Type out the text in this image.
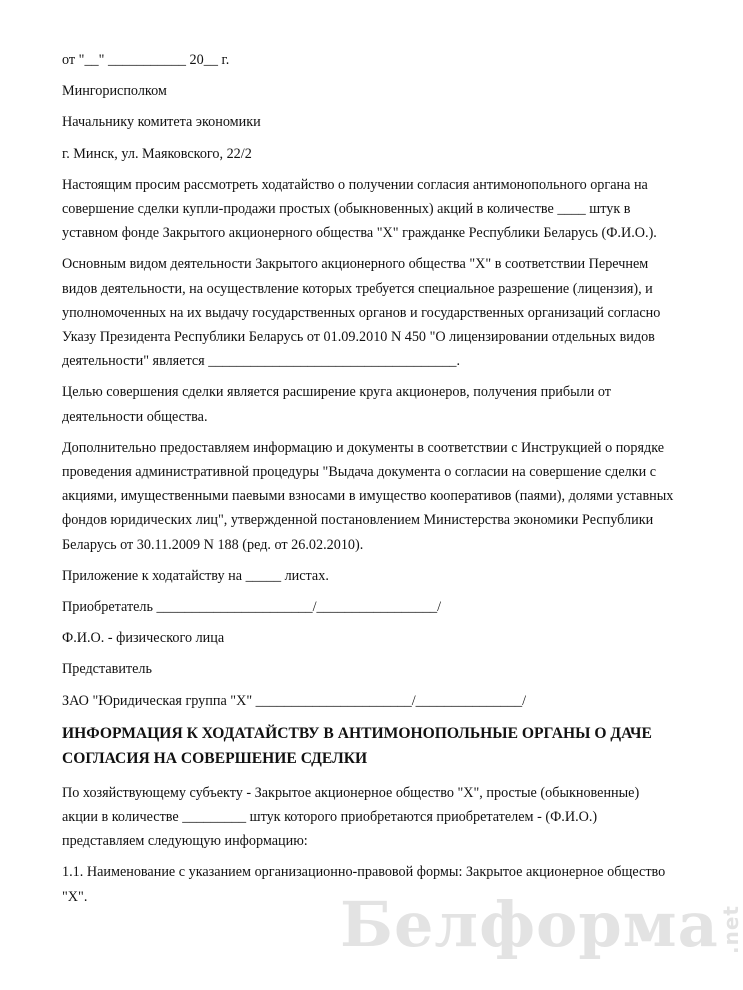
от "__" ___________ 20__ г.

Мингорисполком

Начальнику комитета экономики

г. Минск, ул. Маяковского, 22/2

Настоящим просим рассмотреть ходатайство о получении согласия антимонопольного органа на

совершение сделки купли-продажи простых (обыкновенных) акций в количестве ____ штук в

уставном фонде Закрытого акционерного общества "Х" гражданке Республики Беларусь (Ф.И.О.).

Основным видом деятельности Закрытого акционерного общества "Х" в соответствии Перечнем

видов деятельности, на осуществление которых требуется специальное разрешение (лицензия), и

уполномоченных на их выдачу государственных органов и государственных организаций согласно

Указу Президента Республики Беларусь от 01.09.2010 N 450 "О лицензировании отдельных видов

деятельности" является ___________________________________.

Целью совершения сделки является расширение круга акционеров, получения прибыли от

деятельности общества.

Дополнительно предоставляем информацию и документы в соответствии с Инструкцией о порядке

проведения административной процедуры "Выдача документа о согласии на совершение сделки с

акциями, имущественными паевыми взносами в имущество кооперативов (паями), долями уставных

фондов юридических лиц", утвержденной постановлением Министерства экономики Республики

Беларусь от 30.11.2009 N 188 (ред. от 26.02.2010).

Приложение к ходатайству на _____ листах.

Приобретатель ______________________/_________________/

Ф.И.О. - физического лица

Представитель

ЗАО "Юридическая группа "Х" ______________________/_______________/

ИНФОРМАЦИЯ К ХОДАТАЙСТВУ В АНТИМОНОПОЛЬНЫЕ ОРГАНЫ О ДАЧЕ

СОГЛАСИЯ НА СОВЕРШЕНИЕ СДЕЛКИ

По хозяйствующему субъекту - Закрытое акционерное общество "Х", простые (обыкновенные)

акции в количестве _________ штук которого приобретаются приобретателем - (Ф.И.О.)

представляем следующую информацию:

1.1. Наименование с указанием организационно-правовой формы: Закрытое акционерное общество

"Х".	Белформа .net
